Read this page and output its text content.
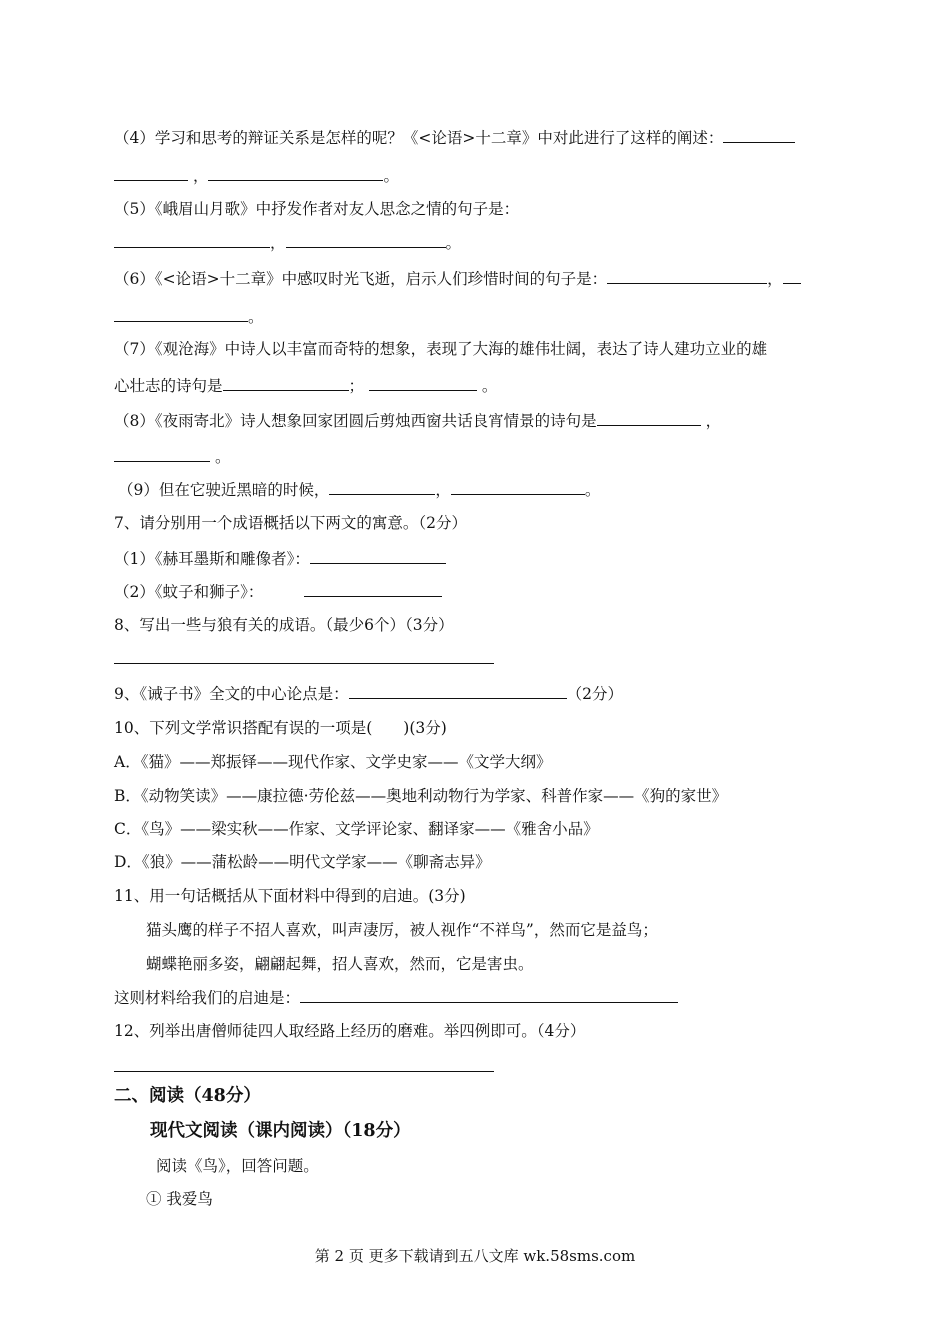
（4）学习和思考的辩证关系是怎样的呢？《<论语>十二章》中对此进行了这样的阐述：
，	。
（5）《峨眉山月歌》中抒发作者对友人思念之情的句子是：
，	。
（6）《<论语>十二章》中感叹时光飞逝，启示人们珍惜时间的句子是：	，
。
（7）《观沧海》中诗人以丰富而奇特的想象，表现了大海的雄伟壮阔，表达了诗人建功立业的雄
心壮志的诗句是	；	。
（8）《夜雨寄北》诗人想象回家团圆后剪烛西窗共话良宵情景的诗句是	，
。
（9）但在它驶近黑暗的时候，	，	。
7、请分别用一个成语概括以下两文的寓意。（2分）
（1）《赫耳墨斯和雕像者》：
（2）《蚊子和狮子》：
8、写出一些与狼有关的成语。（最少6个）（3分）
9、《诫子书》全文的中心论点是：	（2分）
10、下列文学常识搭配有误的一项是(　　)(3分)
A．《猫》——郑振铎——现代作家、文学史家——《文学大纲》
B．《动物笑读》——康拉德·劳伦兹——奥地利动物行为学家、科普作家——《狗的家世》
C．《鸟》——梁实秋——作家、文学评论家、翻译家——《雅舍小品》
D．《狼》——蒲松龄——明代文学家——《聊斋志异》
11、用一句话概括从下面材料中得到的启迪。(3分)
猫头鹰的样子不招人喜欢，叫声凄厉，被人视作“不祥鸟”，然而它是益鸟；
蝴蝶艳丽多姿，翩翩起舞，招人喜欢，然而，它是害虫。
这则材料给我们的启迪是：
12、列举出唐僧师徒四人取经路上经历的磨难。举四例即可。（4分）
二、阅读（48分）
现代文阅读（课内阅读）（18分）
阅读《鸟》，回答问题。
① 我爱鸟
第 2 页 更多下载请到五八文库 wk.58sms.com
